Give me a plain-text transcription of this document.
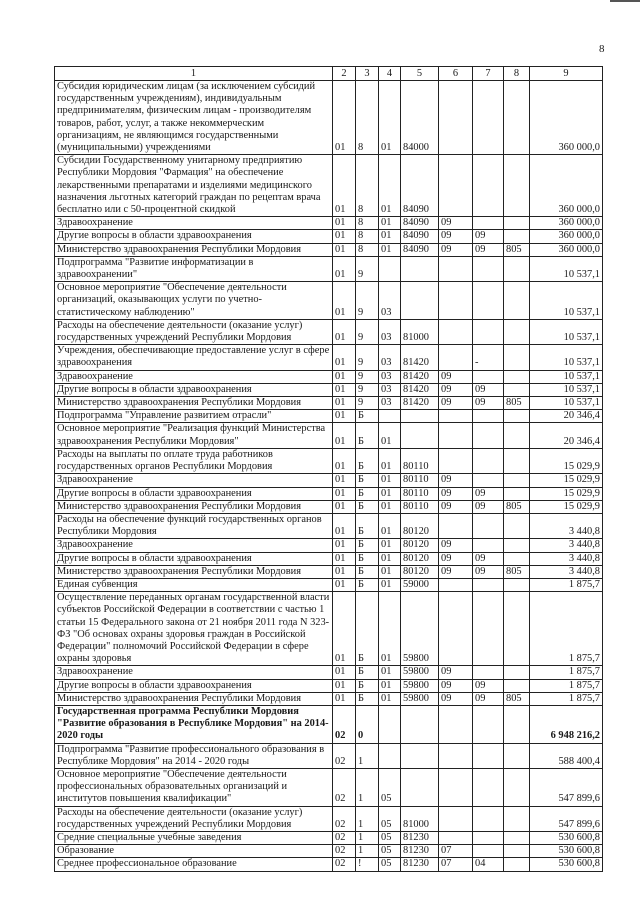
8
1	2	3	4	5	6	7	8	9
Субсидия юридическим лицам (за исключением субсидий государственным учреждениям), индивидуальным предпринимателям, физическим лицам - производителям товаров, работ, услуг, а также некоммерческим организациям, не являющимся государственными (муниципальными) учреждениями	01	8	01	84000				360 000,0
Субсидии Государственному унитарному предприятию Республики Мордовия "Фармация" на обеспечение лекарственными препаратами и изделиями медицинского назначения льготных категорий граждан по рецептам врача бесплатно или с 50-процентной скидкой	01	8	01	84090				360 000,0
Здравоохранение	01	8	01	84090	09			360 000,0
Другие вопросы в области здравоохранения	01	8	01	84090	09	09		360 000,0
Министерство здравоохранения Республики Мордовия	01	8	01	84090	09	09	805	360 000,0
Подпрограмма "Развитие информатизации в здравоохранении"	01	9						10 537,1
Основное мероприятие "Обеспечение деятельности организаций, оказывающих услуги по учетно-статистическому наблюдению"	01	9	03					10 537,1
Расходы на обеспечение деятельности (оказание услуг) государственных учреждений Республики Мордовия	01	9	03	81000				10 537,1
Учреждения, обеспечивающие предоставление услуг в сфере здравоохранения	01	9	03	81420		-		10 537,1
Здравоохранение	01	9	03	81420	09			10 537,1
Другие вопросы в области здравоохранения	01	9	03	81420	09	09		10 537,1
Министерство здравоохранения Республики Мордовия	01	9	03	81420	09	09	805	10 537,1
Подпрограмма "Управление развитием отрасли"	01	Б						20 346,4
Основное мероприятие "Реализация функций Министерства здравоохранения Республики Мордовия"	01	Б	01					20 346,4
Расходы на выплаты по оплате труда работников государственных органов Республики Мордовия	01	Б	01	80110				15 029,9
Здравоохранение	01	Б	01	80110	09			15 029,9
Другие вопросы в области здравоохранения	01	Б	01	80110	09	09		15 029,9
Министерство здравоохранения Республики Мордовия	01	Б	01	80110	09	09	805	15 029,9
Расходы на обеспечение функций государственных органов Республики Мордовия	01	Б	01	80120				3 440,8
Здравоохранение	01	Б	01	80120	09			3 440,8
Другие вопросы в области здравоохранения	01	Б	01	80120	09	09		3 440,8
Министерство здравоохранения Республики Мордовия	01	Б	01	80120	09	09	805	3 440,8
Единая субвенция	01	Б	01	59000				1 875,7
Осуществление переданных органам государственной власти субъектов Российской Федерации в соответствии с частью 1 статьи 15 Федерального закона от 21 ноября 2011 года N 323-ФЗ "Об основах охраны здоровья граждан в Российской Федерации" полномочий Российской Федерации в сфере охраны здоровья	01	Б	01	59800				1 875,7
Здравоохранение	01	Б	01	59800	09			1 875,7
Другие вопросы в области здравоохранения	01	Б	01	59800	09	09		1 875,7
Министерство здравоохранения Республики Мордовия	01	Б	01	59800	09	09	805	1 875,7
Государственная программа Республики Мордовия "Развитие образования в Республике Мордовия" на 2014-2020 годы	02	0						6 948 216,2
Подпрограмма "Развитие профессионального образования в Республике Мордовия" на 2014 - 2020 годы	02	1						588 400,4
Основное мероприятие "Обеспечение деятельности профессиональных образовательных организаций и институтов повышения квалификации"	02	1	05					547 899,6
Расходы на обеспечение деятельности (оказание услуг) государственных учреждений Республики Мордовия	02	1	05	81000				547 899,6
Средние специальные учебные заведения	02	1	05	81230				530 600,8
Образование	02	1	05	81230	07			530 600,8
Среднее профессиональное образование	02	!	05	81230	07	04		530 600,8
